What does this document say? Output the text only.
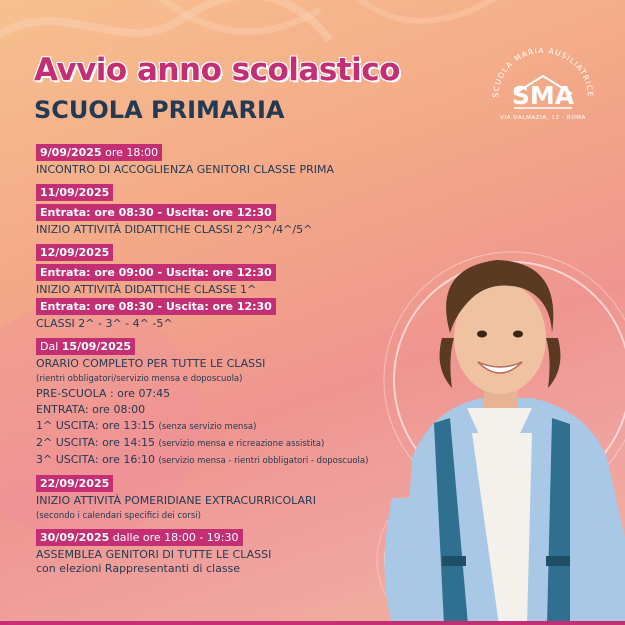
Avvio anno scolastico
SCUOLA PRIMARIA
SCUOLA MARIA AUSILIATRICE
SMA
VIA DALMAZIA, 12 - ROMA
9/09/2025 ore 18:00
INCONTRO DI ACCOGLIENZA GENITORI CLASSE PRIMA
11/09/2025
Entrata: ore 08:30 - Uscita: ore 12:30
INIZIO ATTIVITÀ DIDATTICHE CLASSI 2^/3^/4^/5^
12/09/2025
Entrata: ore 09:00 - Uscita: ore 12:30
INIZIO ATTIVITÀ DIDATTICHE CLASSE 1^
Entrata: ore 08:30 - Uscita: ore 12:30
CLASSI 2^ - 3^ - 4^ -5^
Dal 15/09/2025
ORARIO COMPLETO PER TUTTE LE CLASSI
(rientri obbligatori/servizio mensa e doposcuola)
PRE-SCUOLA : ore 07:45
ENTRATA: ore 08:00
1^ USCITA: ore 13:15 (senza servizio mensa)
2^ USCITA: ore 14:15 (servizio mensa e ricreazione assistita)
3^ USCITA: ore 16:10 (servizio mensa - rientri obbligatori - doposcuola)
22/09/2025
INIZIO ATTIVITÀ POMERIDIANE EXTRACURRICOLARI
(secondo i calendari specifici dei corsi)
30/09/2025 dalle ore 18:00 - 19:30
ASSEMBLEA GENITORI DI TUTTE LE CLASSI
con elezioni Rappresentanti di classe
